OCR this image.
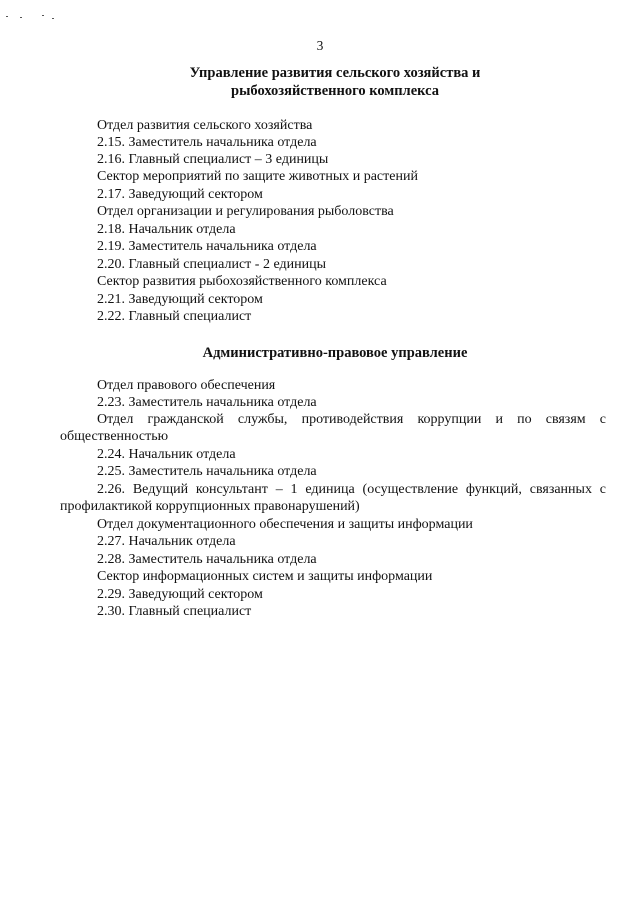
3
Управление развития сельского хозяйства и
рыбохозяйственного комплекса
Отдел развития сельского хозяйства
2.15. Заместитель начальника отдела
2.16. Главный специалист – 3 единицы
Сектор мероприятий по защите животных и растений
2.17. Заведующий сектором
Отдел организации и регулирования рыболовства
2.18. Начальник отдела
2.19. Заместитель начальника отдела
2.20. Главный специалист - 2 единицы
Сектор развития рыбохозяйственного комплекса
2.21. Заведующий сектором
2.22. Главный специалист
Административно-правовое управление
Отдел правового обеспечения
2.23. Заместитель начальника отдела
Отдел гражданской службы, противодействия коррупции и по связям с
общественностью
2.24. Начальник отдела
2.25. Заместитель начальника отдела
2.26. Ведущий консультант – 1 единица (осуществление функций, связанных с
профилактикой коррупционных правонарушений)
Отдел документационного обеспечения и защиты информации
2.27. Начальник отдела
2.28. Заместитель начальника отдела
Сектор информационных систем и защиты информации
2.29. Заведующий сектором
2.30. Главный специалист
